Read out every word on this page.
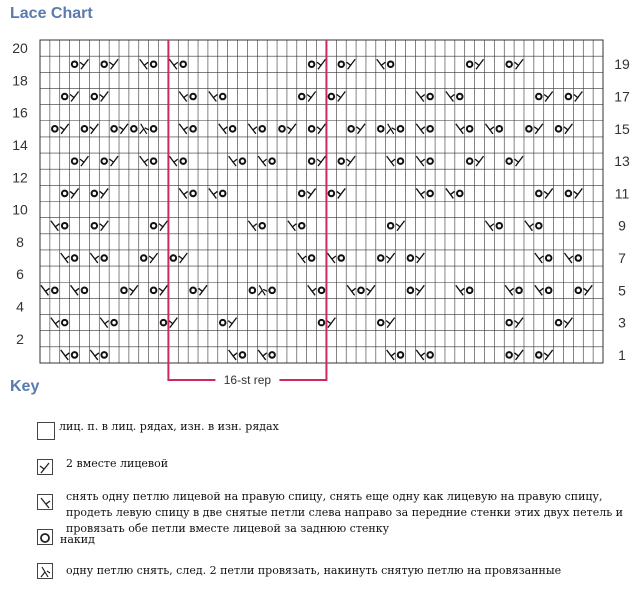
Lace Chart
2
4
6
8
10
12
14
16
18
20
1
3
5
7
9
11
13
15
17
19
16-st rep
Key
лиц. п. в лиц. рядах, изн. в изн. рядах
2 вместе лицевой
снять одну петлю лицевой на правую спицу, снять еще одну как лицевую на правую спицу, продеть левую спицу в две снятые петли слева направо за передние стенки этих двух петель и провязать обе петли вместе лицевой за заднюю стенку
накид
одну петлю снять, след. 2 петли провязать, накинуть снятую петлю на провязанные
